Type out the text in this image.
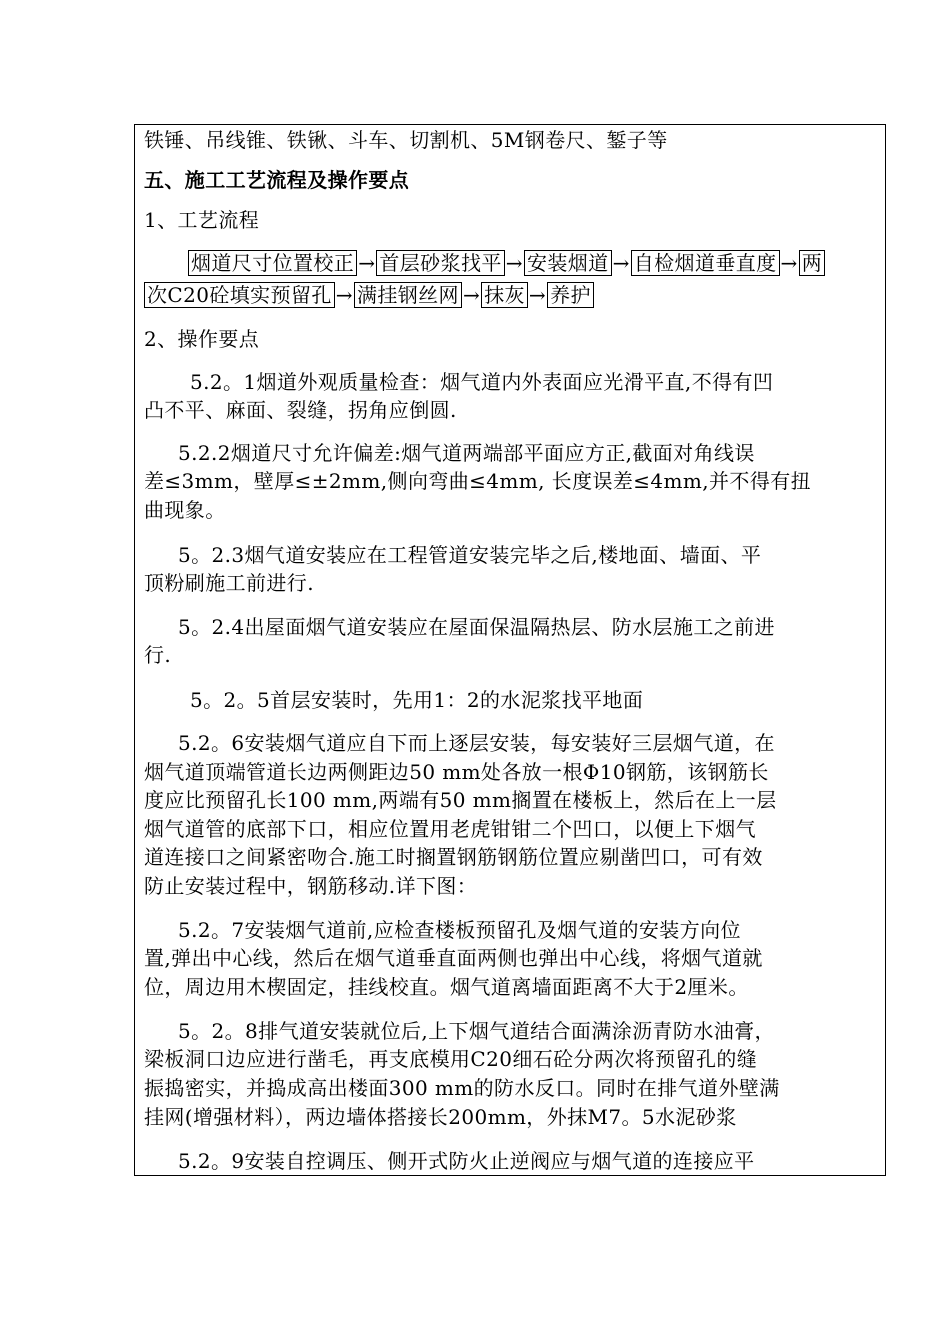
铁锤、吊线锥、铁锹、斗车、切割机、5M钢卷尺、錾子等
五、施工工艺流程及操作要点
1、工艺流程
烟道尺寸位置校正 → 首层砂浆找平 → 安装烟道 → 自检烟道垂直度 → 两
次C20砼填实预留孔 → 满挂钢丝网 → 抹灰 → 养护
2、操作要点
5.2。1烟道外观质量检查：烟气道内外表面应光滑平直,不得有凹
凸不平、麻面、裂缝，拐角应倒圆.
5.2.2烟道尺寸允许偏差:烟气道两端部平面应方正,截面对角线误
差≤3mm，壁厚≤±2mm,侧向弯曲≤4mm, 长度误差≤4mm,并不得有扭
曲现象。
5。2.3烟气道安装应在工程管道安装完毕之后,楼地面、墙面、平
顶粉刷施工前进行.
5。2.4出屋面烟气道安装应在屋面保温隔热层、防水层施工之前进
行.
5。2。5首层安装时，先用1：2的水泥浆找平地面
5.2。6安装烟气道应自下而上逐层安装，每安装好三层烟气道，在
烟气道顶端管道长边两侧距边50 mm处各放一根Φ10钢筋，该钢筋长
度应比预留孔长100 mm,两端有50 mm搁置在楼板上，然后在上一层
烟气道管的底部下口，相应位置用老虎钳钳二个凹口，以便上下烟气
道连接口之间紧密吻合.施工时搁置钢筋钢筋位置应剔凿凹口，可有效
防止安装过程中，钢筋移动.详下图：
5.2。7安装烟气道前,应检查楼板预留孔及烟气道的安装方向位
置,弹出中心线，然后在烟气道垂直面两侧也弹出中心线，将烟气道就
位，周边用木楔固定，挂线校直。烟气道离墙面距离不大于2厘米。
5。2。8排气道安装就位后,上下烟气道结合面满涂沥青防水油膏，
梁板洞口边应进行凿毛，再支底模用C20细石砼分两次将预留孔的缝
振捣密实，并捣成高出楼面300 mm的防水反口。同时在排气道外壁满
挂网(增强材料），两边墙体搭接长200mm，外抹M7。5水泥砂浆
5.2。9安装自控调压、侧开式防火止逆阀应与烟气道的连接应平
